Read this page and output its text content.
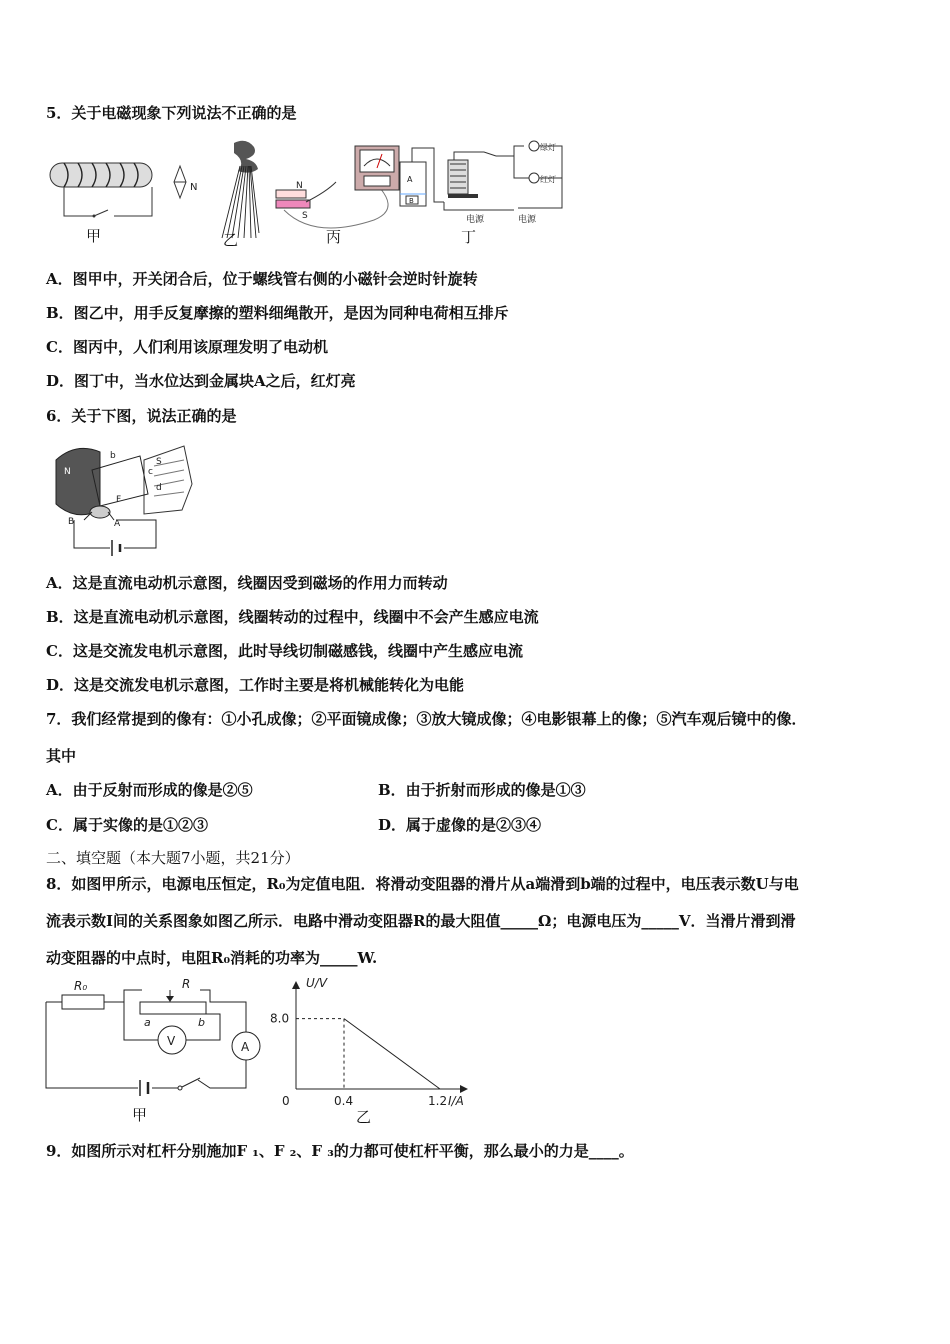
5．关于电磁现象下列说法不正确的是
N	N
S
A
B
电源
绿灯
红灯
电源
甲	乙	丙	丁
A．图甲中，开关闭合后，位于螺线管右侧的小磁针会逆时针旋转
B．图乙中，用手反复摩擦的塑料细绳散开，是因为同种电荷相互排斥
C．图丙中，人们利用该原理发明了电动机
D．图丁中，当水位达到金属块A之后，红灯亮
6．关于下图，说法正确的是
N
S
b
c
d
F
B	A
A．这是直流电动机示意图，线圈因受到磁场的作用力而转动
B．这是直流电动机示意图，线圈转动的过程中，线圈中不会产生感应电流
C．这是交流发电机示意图，此时导线切制磁感钱，线圈中产生感应电流
D．这是交流发电机示意图，工作时主要是将机械能转化为电能
7．我们经常提到的像有：①小孔成像；②平面镜成像；③放大镜成像；④电影银幕上的像；⑤汽车观后镜中的像．
其中
A．由于反射而形成的像是②⑤	B．由于折射而形成的像是①③
C．属于实像的是①②③	D．属于虚像的是②③④
二、填空题（本大题7小题，共21分）
8．如图甲所示，电源电压恒定，R₀为定值电阻．将滑动变阻器的滑片从a端滑到b端的过程中，电压表示数U与电
流表示数I间的关系图象如图乙所示．电路中滑动变阻器R的最大阻值_____Ω；电源电压为_____V．当滑片滑到滑
动变阻器的中点时，电阻R₀消耗的功率为_____W.
R₀	R
a	b
V	A
甲
U/V
I/A
0
8.0
0.4	1.2
乙
9．如图所示对杠杆分别施加F ₁、F ₂、F ₃的力都可使杠杆平衡，那么最小的力是____。
